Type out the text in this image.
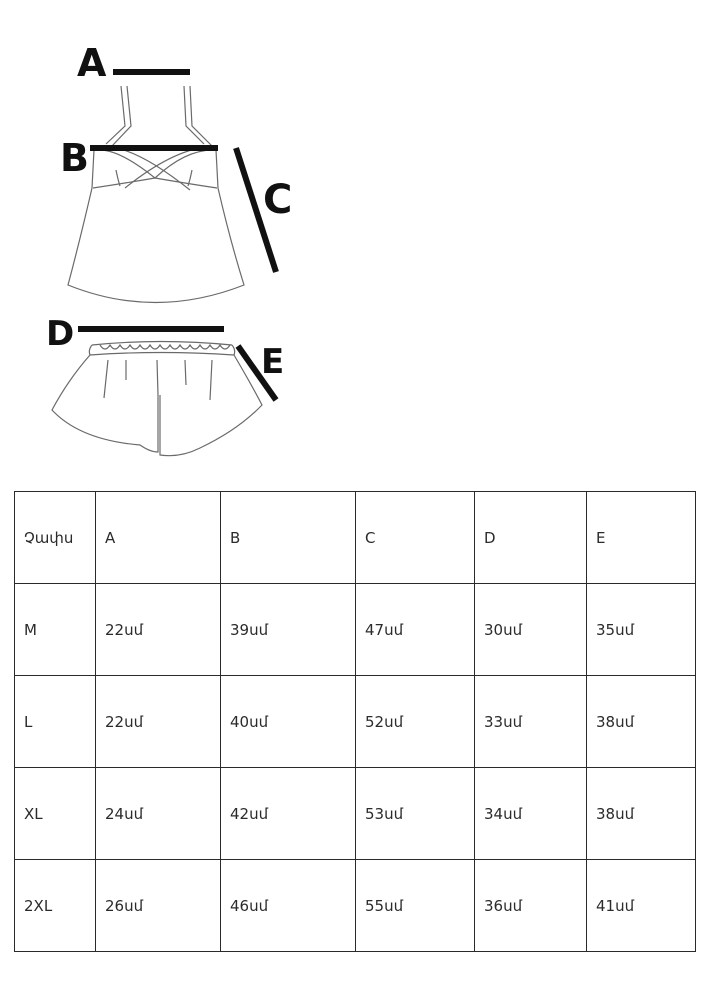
A
B
C
D
E
Չափս	A	B	C	D	E
M	22սմ	39սմ	47սմ	30սմ	35սմ
L	22սմ	40սմ	52սմ	33սմ	38սմ
XL	24սմ	42սմ	53սմ	34սմ	38սմ
2XL	26սմ	46սմ	55սմ	36սմ	41սմ
